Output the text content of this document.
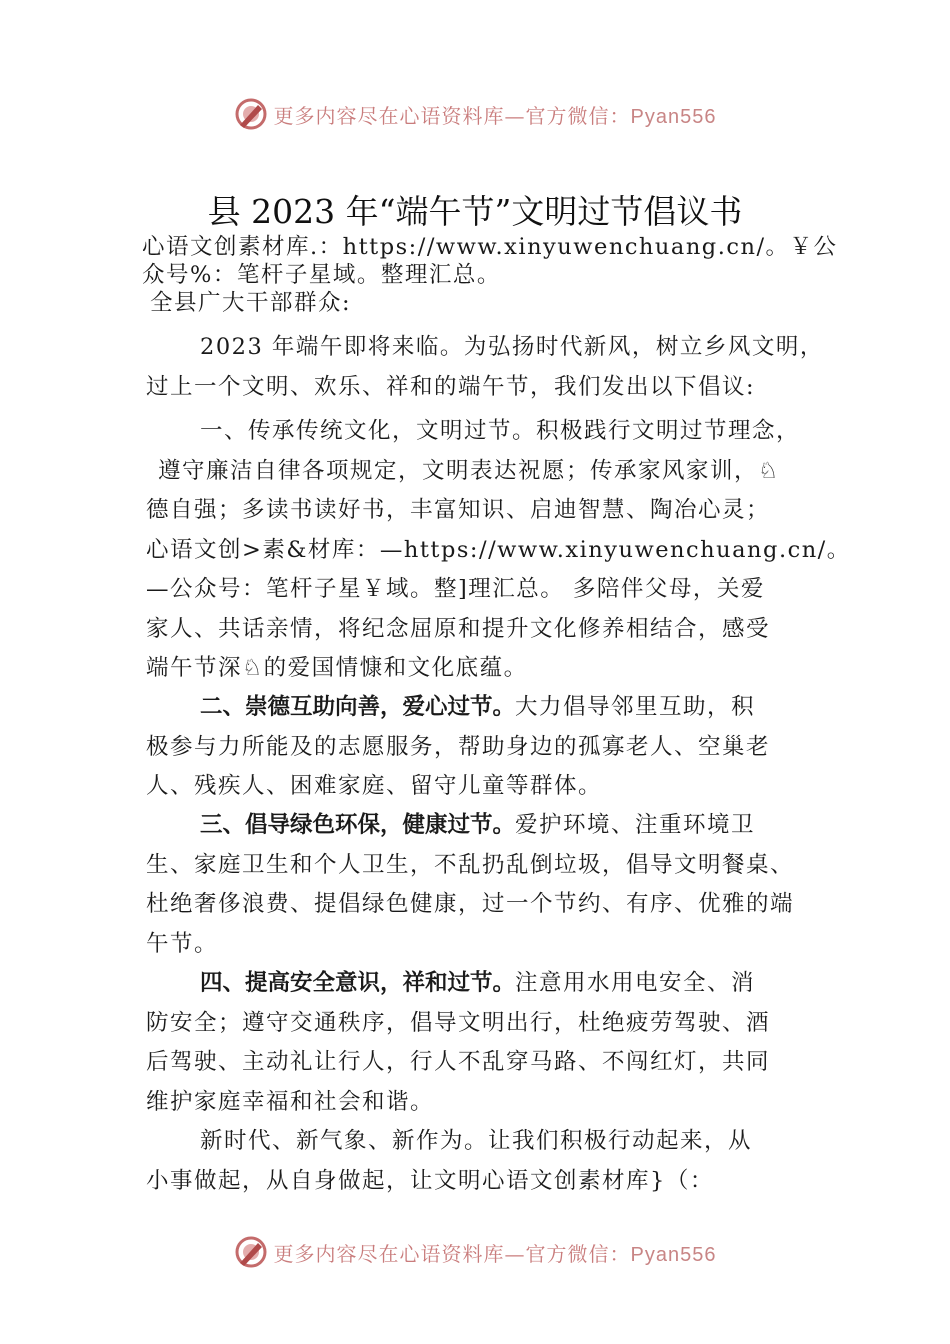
更多内容尽在心语资料库—官方微信：Pyan556
县 2023 年“端午节”文明过节倡议书
心语文创素材库.：https://www.xinyuwenchuang.cn/。￥公
众号%：笔杆子星域。整理汇总。
全县广大干部群众:
2023 年端午即将来临。为弘扬时代新风，树立乡风文明，
过上一个文明、欢乐、祥和的端午节，我们发出以下倡议:
一、传承传统文化，文明过节。积极践行文明过节理念，
遵守廉洁自律各项规定，文明表达祝愿；传承家风家训，♘
德自强；多读书读好书，丰富知识、启迪智慧、陶冶心灵；
心语文创>素&材库：—https://www.xinyuwenchuang.cn/。
—公众号：笔杆子星￥域。整]理汇总。 多陪伴父母，关爱
家人、共话亲情，将纪念屈原和提升文化修养相结合，感受
端午节深♘的爱国情慷和文化底蕴。
二、崇德互助向善，爱心过节。大力倡导邻里互助，积
极参与力所能及的志愿服务，帮助身边的孤寡老人、空巢老
人、残疾人、困难家庭、留守儿童等群体。
三、倡导绿色环保，健康过节。爱护环境、注重环境卫
生、家庭卫生和个人卫生，不乱扔乱倒垃圾，倡导文明餐桌、
杜绝奢侈浪费、提倡绿色健康，过一个节约、有序、优雅的端
午节。
四、提高安全意识，祥和过节。注意用水用电安全、消
防安全；遵守交通秩序，倡导文明出行，杜绝疲劳驾驶、酒
后驾驶、主动礼让行人，行人不乱穿马路、不闯红灯，共同
维护家庭幸福和社会和谐。
新时代、新气象、新作为。让我们积极行动起来，从
小事做起，从自身做起，让文明心语文创素材库}（：
更多内容尽在心语资料库—官方微信：Pyan556
